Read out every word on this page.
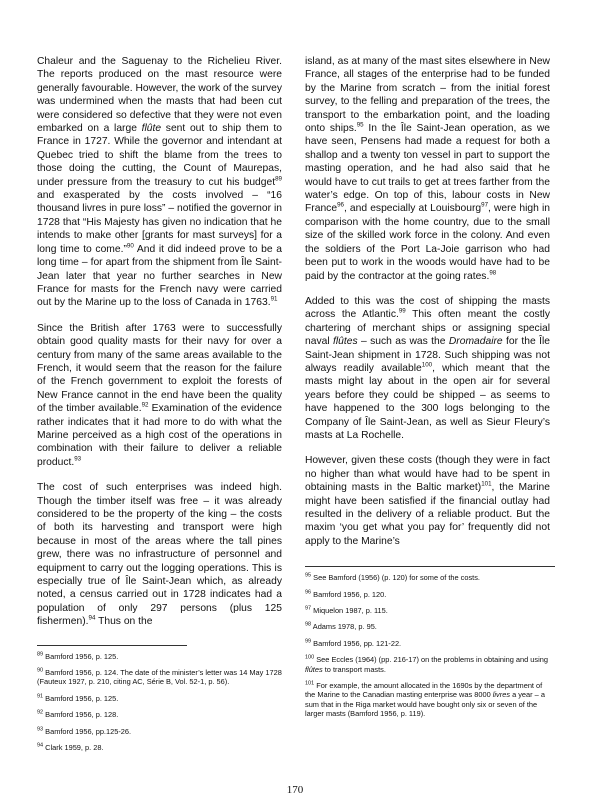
Chaleur and the Saguenay to the Richelieu River. The reports produced on the mast resource were generally favourable. However, the work of the survey was undermined when the masts that had been cut were considered so defective that they were not even embarked on a large flûte sent out to ship them to France in 1727. While the governor and intendant at Quebec tried to shift the blame from the trees to those doing the cutting, the Count of Maurepas, under pressure from the treasury to cut his budget$^{89}$ and exasperated by the costs involved – “16 thousand livres in pure loss” – notified the governor in 1728 that “His Majesty has given no indication that he intends to make other [grants for mast surveys] for a long time to come.”$^{90}$ And it did indeed prove to be a long time – for apart from the shipment from Île Saint-Jean later that year no further searches in New France for masts for the French navy were carried out by the Marine up to the loss of Canada in 1763.91

Since the British after 1763 were to successfully obtain good quality masts for their navy for over a century from many of the same areas available to the French, it would seem that the reason for the failure of the French government to exploit the forests of New France cannot in the end have been the quality of the timber available.$^{92}$ Examination of the evidence rather indicates that it had more to do with what the Marine perceived as a high cost of the operations in combination with their failure to deliver a reliable product.$^{93}$

The cost of such enterprises was indeed high. Though the timber itself was free – it was already considered to be the property of the king – the costs of both its harvesting and transport were high because in most of the areas where the tall pines grew, there was no infrastructure of personnel and equipment to carry out the logging operations. This is especially true of Île Saint-Jean which, as already noted, a census carried out in 1728 indicates had a population of only 297 persons (plus 125 fishermen).$^{94}$ Thus on the

$^{89}$ Bamford 1956, p. 125.
$^{90}$ Bamford 1956, p. 124. The date of the minister’s letter was 14 May 1728 (Fauteux 1927, p. 210, citing AC, Série B, Vol. 52-1, p. 56).
$^{91}$ Bamford 1956, p. 125.
$^{92}$ Bamford 1956, p. 128.
$^{93}$ Bamford 1956, pp.125-26.
$^{94}$ Clark 1959, p. 28.

island, as at many of the mast sites elsewhere in New France, all stages of the enterprise had to be funded by the Marine from scratch – from the initial forest survey, to the felling and preparation of the trees, the transport to the embarkation point, and the loading onto ships.$^{95}$ In the Île Saint-Jean operation, as we have seen, Pensens had made a request for both a shallop and a twenty ton vessel in part to support the masting operation, and he had also said that he would have to cut trails to get at trees farther from the water’s edge. On top of this, labour costs in New France$^{96}$, and especially at Louisbourg$^{97}$, were high in comparison with the home country, due to the small size of the skilled work force in the colony. And even the soldiers of the Port La-Joie garrison who had been put to work in the woods would have had to be paid by the contractor at the going rates.$^{98}$

Added to this was the cost of shipping the masts across the Atlantic.$^{99}$ This often meant the costly chartering of merchant ships or assigning special naval flûtes – such as was the Dromadaire for the Île Saint-Jean shipment in 1728. Such shipping was not always readily available$^{100}$, which meant that the masts might lay about in the open air for several years before they could be shipped – as seems to have happened to the 300 logs belonging to the Company of Île Saint-Jean, as well as Sieur Fleury’s masts at La Rochelle.

However, given these costs (though they were in fact no higher than what would have had to be spent in obtaining masts in the Baltic market)$^{101}$, the Marine might have been satisfied if the financial outlay had resulted in the delivery of a reliable product. But the maxim ‘you get what you pay for’ frequently did not apply to the Marine’s

$^{95}$ See Bamford (1956) (p. 120) for some of the costs.
$^{96}$ Bamford 1956, p. 120.
$^{97}$ Miquelon 1987, p. 115.
$^{98}$ Adams 1978, p. 95.
$^{99}$ Bamford 1956, pp. 121-22.
$^{100}$ See Eccles (1964) (pp. 216-17) on the problems in obtaining and using flûtes to transport masts.
$^{101}$ For example, the amount allocated in the 1690s by the department of the Marine to the Canadian masting enterprise was 8000 livres a year – a sum that in the Riga market would have bought only six or seven of the larger masts (Bamford 1956, p. 119).
170
